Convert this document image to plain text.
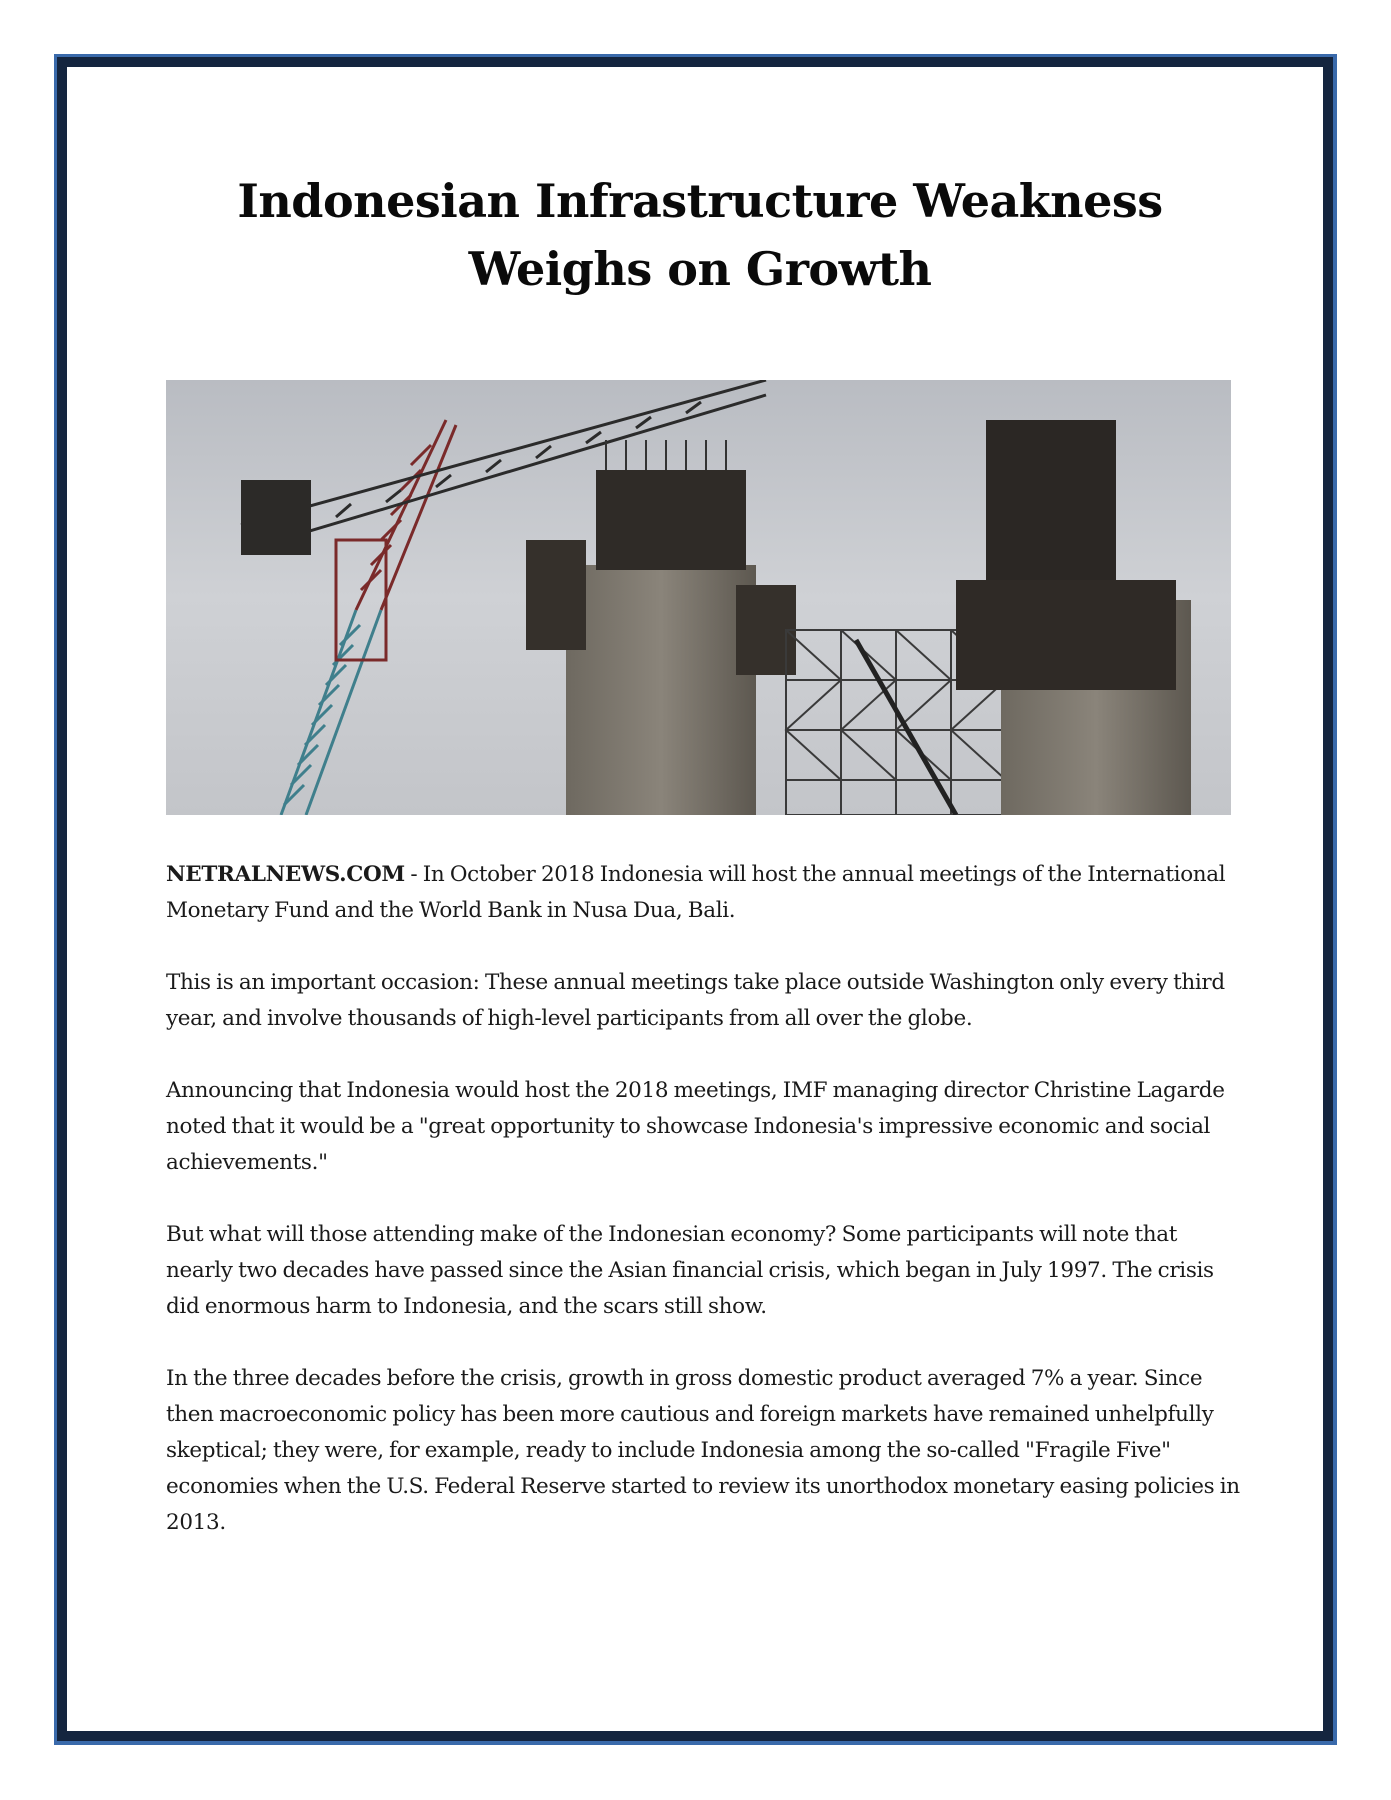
Indonesian Infrastructure Weakness
Weighs on Growth

NETRALNEWS.COM - In October 2018 Indonesia will host the annual meetings of the International Monetary Fund and the World Bank in Nusa Dua, Bali.

This is an important occasion: These annual meetings take place outside Washington only every third year, and involve thousands of high-level participants from all over the globe.

Announcing that Indonesia would host the 2018 meetings, IMF managing director Christine Lagarde noted that it would be a "great opportunity to showcase Indonesia's impressive economic and social achievements."

But what will those attending make of the Indonesian economy? Some participants will note that nearly two decades have passed since the Asian financial crisis, which began in July 1997. The crisis did enormous harm to Indonesia, and the scars still show.

In the three decades before the crisis, growth in gross domestic product averaged 7% a year. Since then macroeconomic policy has been more cautious and foreign markets have remained unhelpfully skeptical; they were, for example, ready to include Indonesia among the so-called "Fragile Five" economies when the U.S. Federal Reserve started to review its unorthodox monetary easing policies in 2013.
